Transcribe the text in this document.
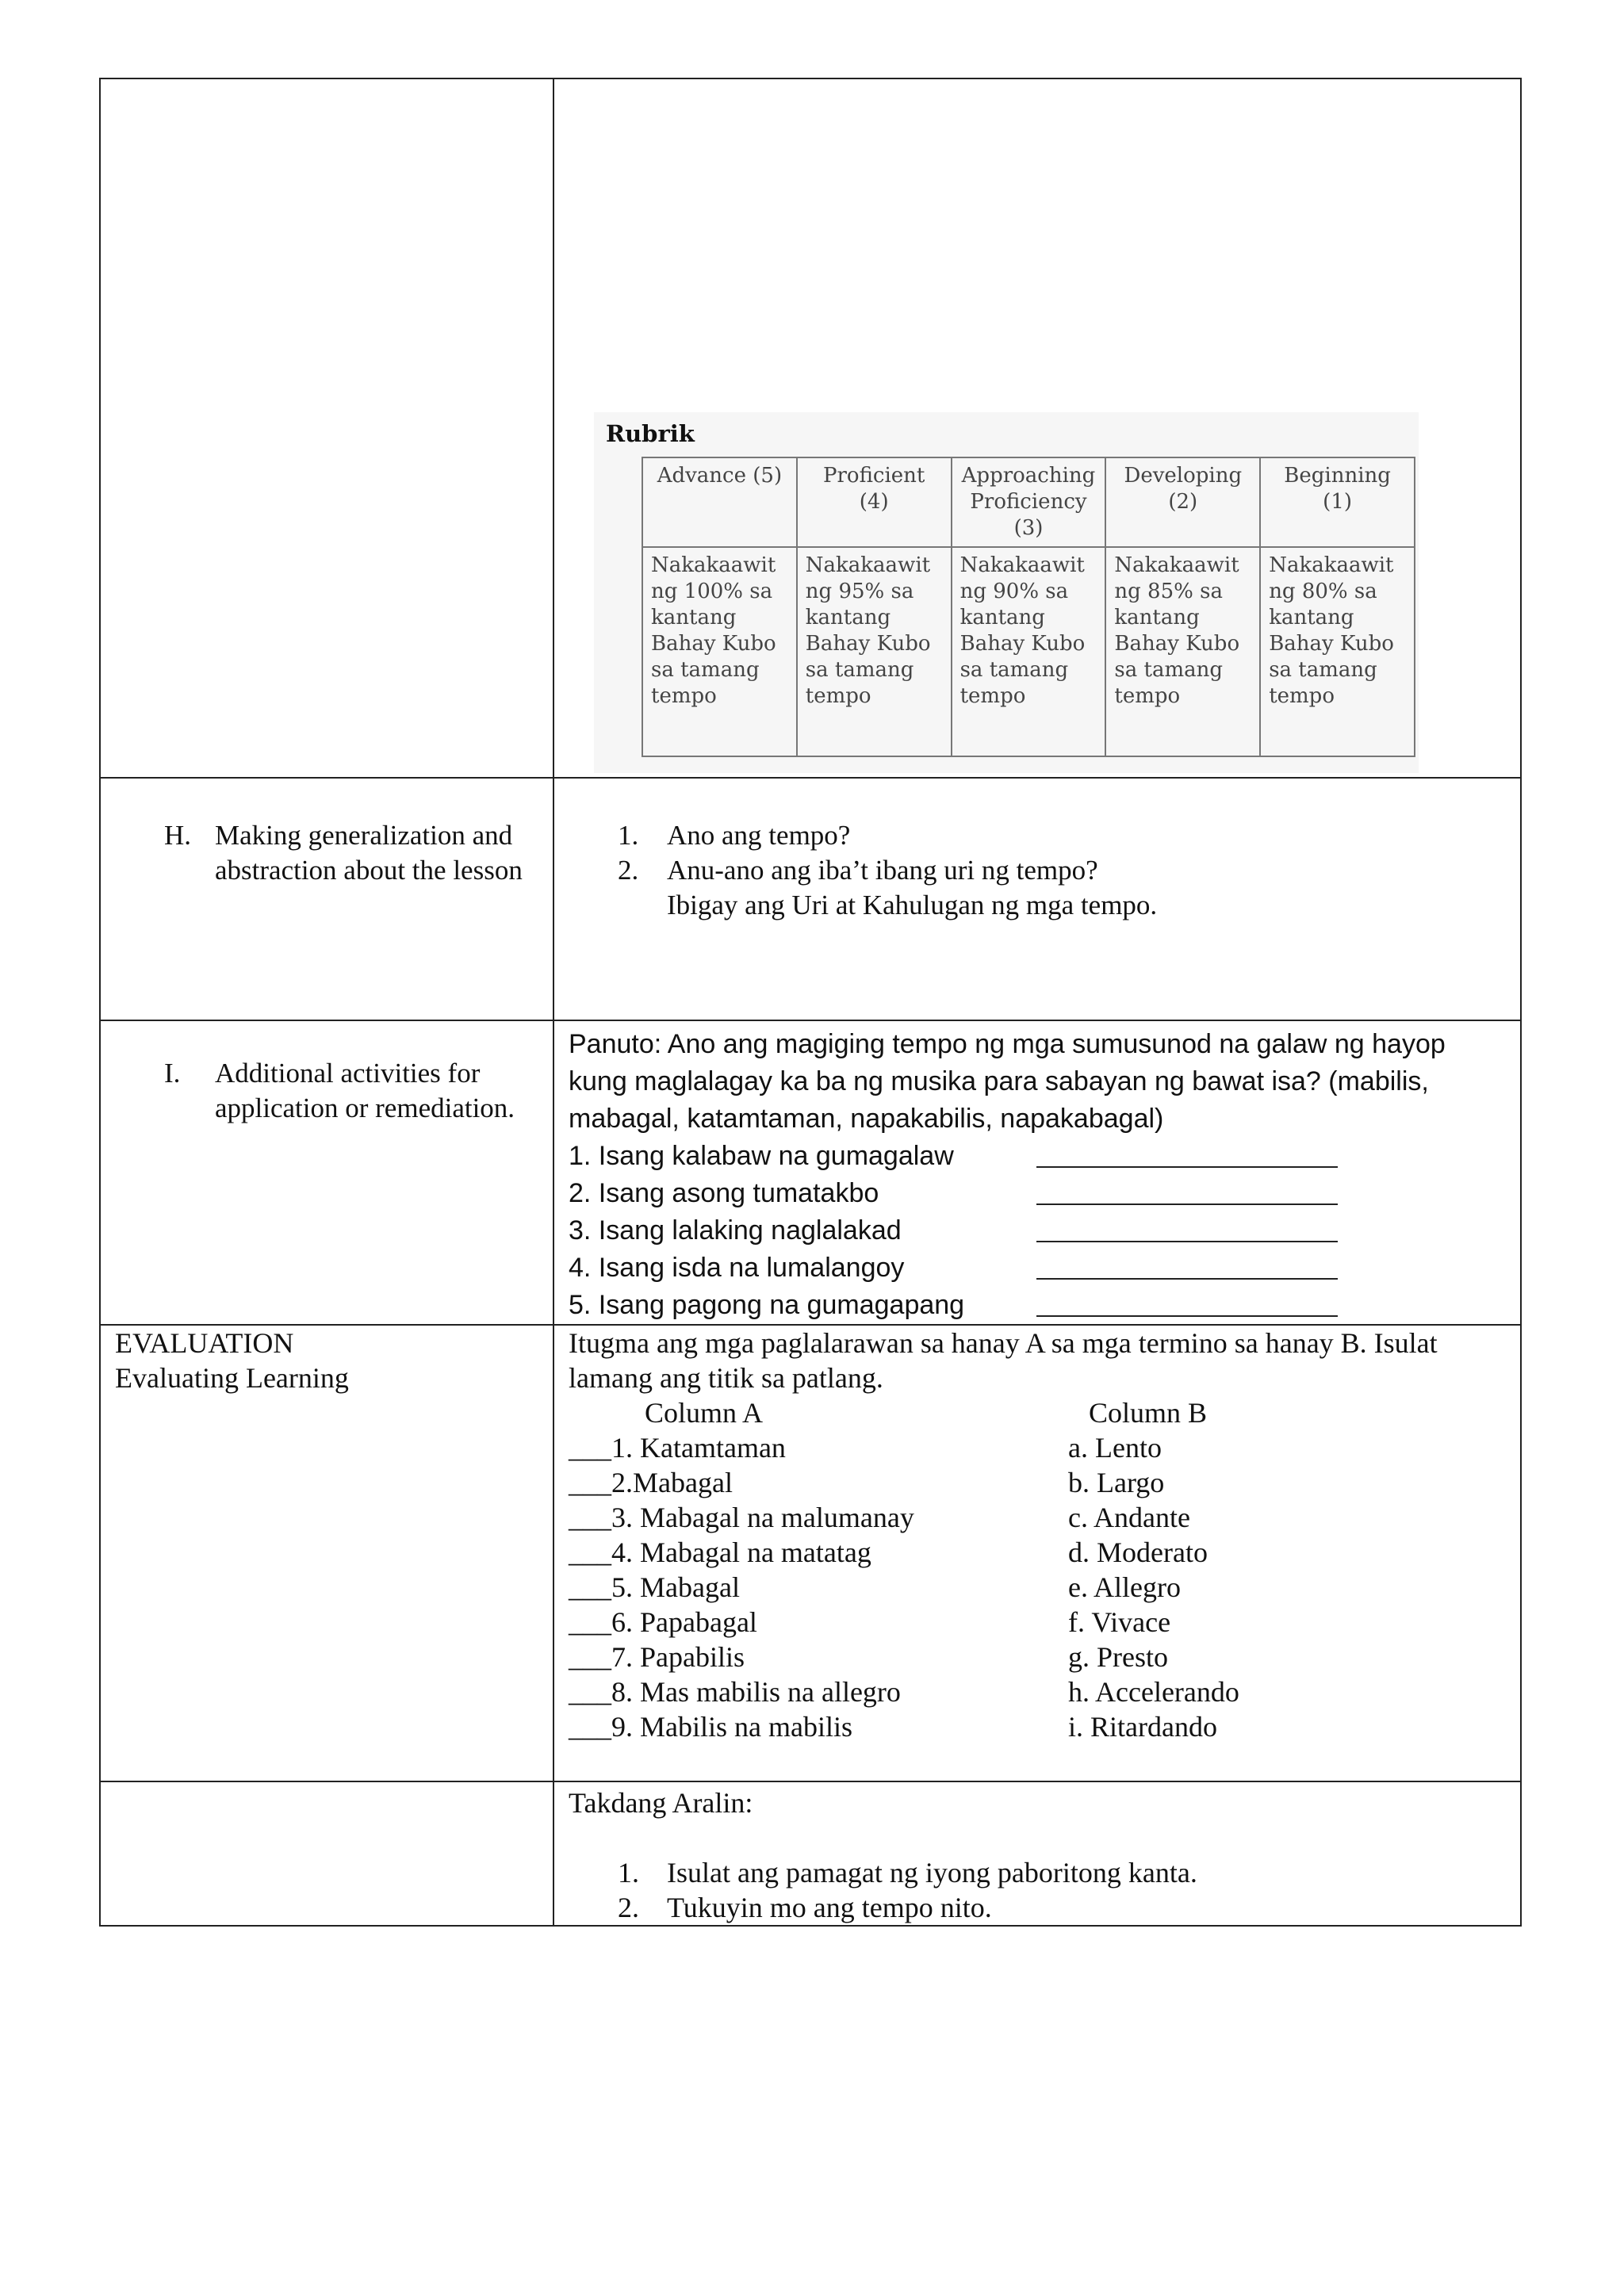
Rubrik
Advance (5)	Proficient (4)	Approaching Proficiency (3)	Developing (2)	Beginning (1)
Nakakaawit ng 100% sa kantang Bahay Kubo sa tamang tempo	Nakakaawit ng 95% sa kantang Bahay Kubo sa tamang tempo	Nakakaawit ng 90% sa kantang Bahay Kubo sa tamang tempo	Nakakaawit ng 85% sa kantang Bahay Kubo sa tamang tempo	Nakakaawit ng 80% sa kantang Bahay Kubo sa tamang tempo

H. Making generalization and abstraction about the lesson

1.	Ano ang tempo?
2.	Anu-ano ang iba’t ibang uri ng tempo?
Ibigay ang Uri at Kahulugan ng mga tempo.

I.	Additional activities for application or remediation.

Panuto: Ano ang magiging tempo ng mga sumusunod na galaw ng hayop kung maglalagay ka ba ng musika para sabayan ng bawat isa? (mabilis, mabagal, katamtaman, napakabilis, napakabagal)
1. Isang kalabaw na gumagalaw
2. Isang asong tumatakbo
3. Isang lalaking naglalakad
4. Isang isda na lumalangoy
5. Isang pagong na gumagapang

EVALUATION
Evaluating Learning

Itugma ang mga paglalarawan sa hanay A sa mga termino sa hanay B. Isulat lamang ang titik sa patlang.
Column A	Column B
___1. Katamtaman	a. Lento
___2.Mabagal	b. Largo
___3. Mabagal na malumanay	c. Andante
___4. Mabagal na matatag	d. Moderato
___5. Mabagal	e. Allegro
___6. Papabagal	f. Vivace
___7. Papabilis	g. Presto
___8. Mas mabilis na allegro	h. Accelerando
___9. Mabilis na mabilis	i. Ritardando

Takdang Aralin:
1. Isulat ang pamagat ng iyong paboritong kanta.
2. Tukuyin mo ang tempo nito.
